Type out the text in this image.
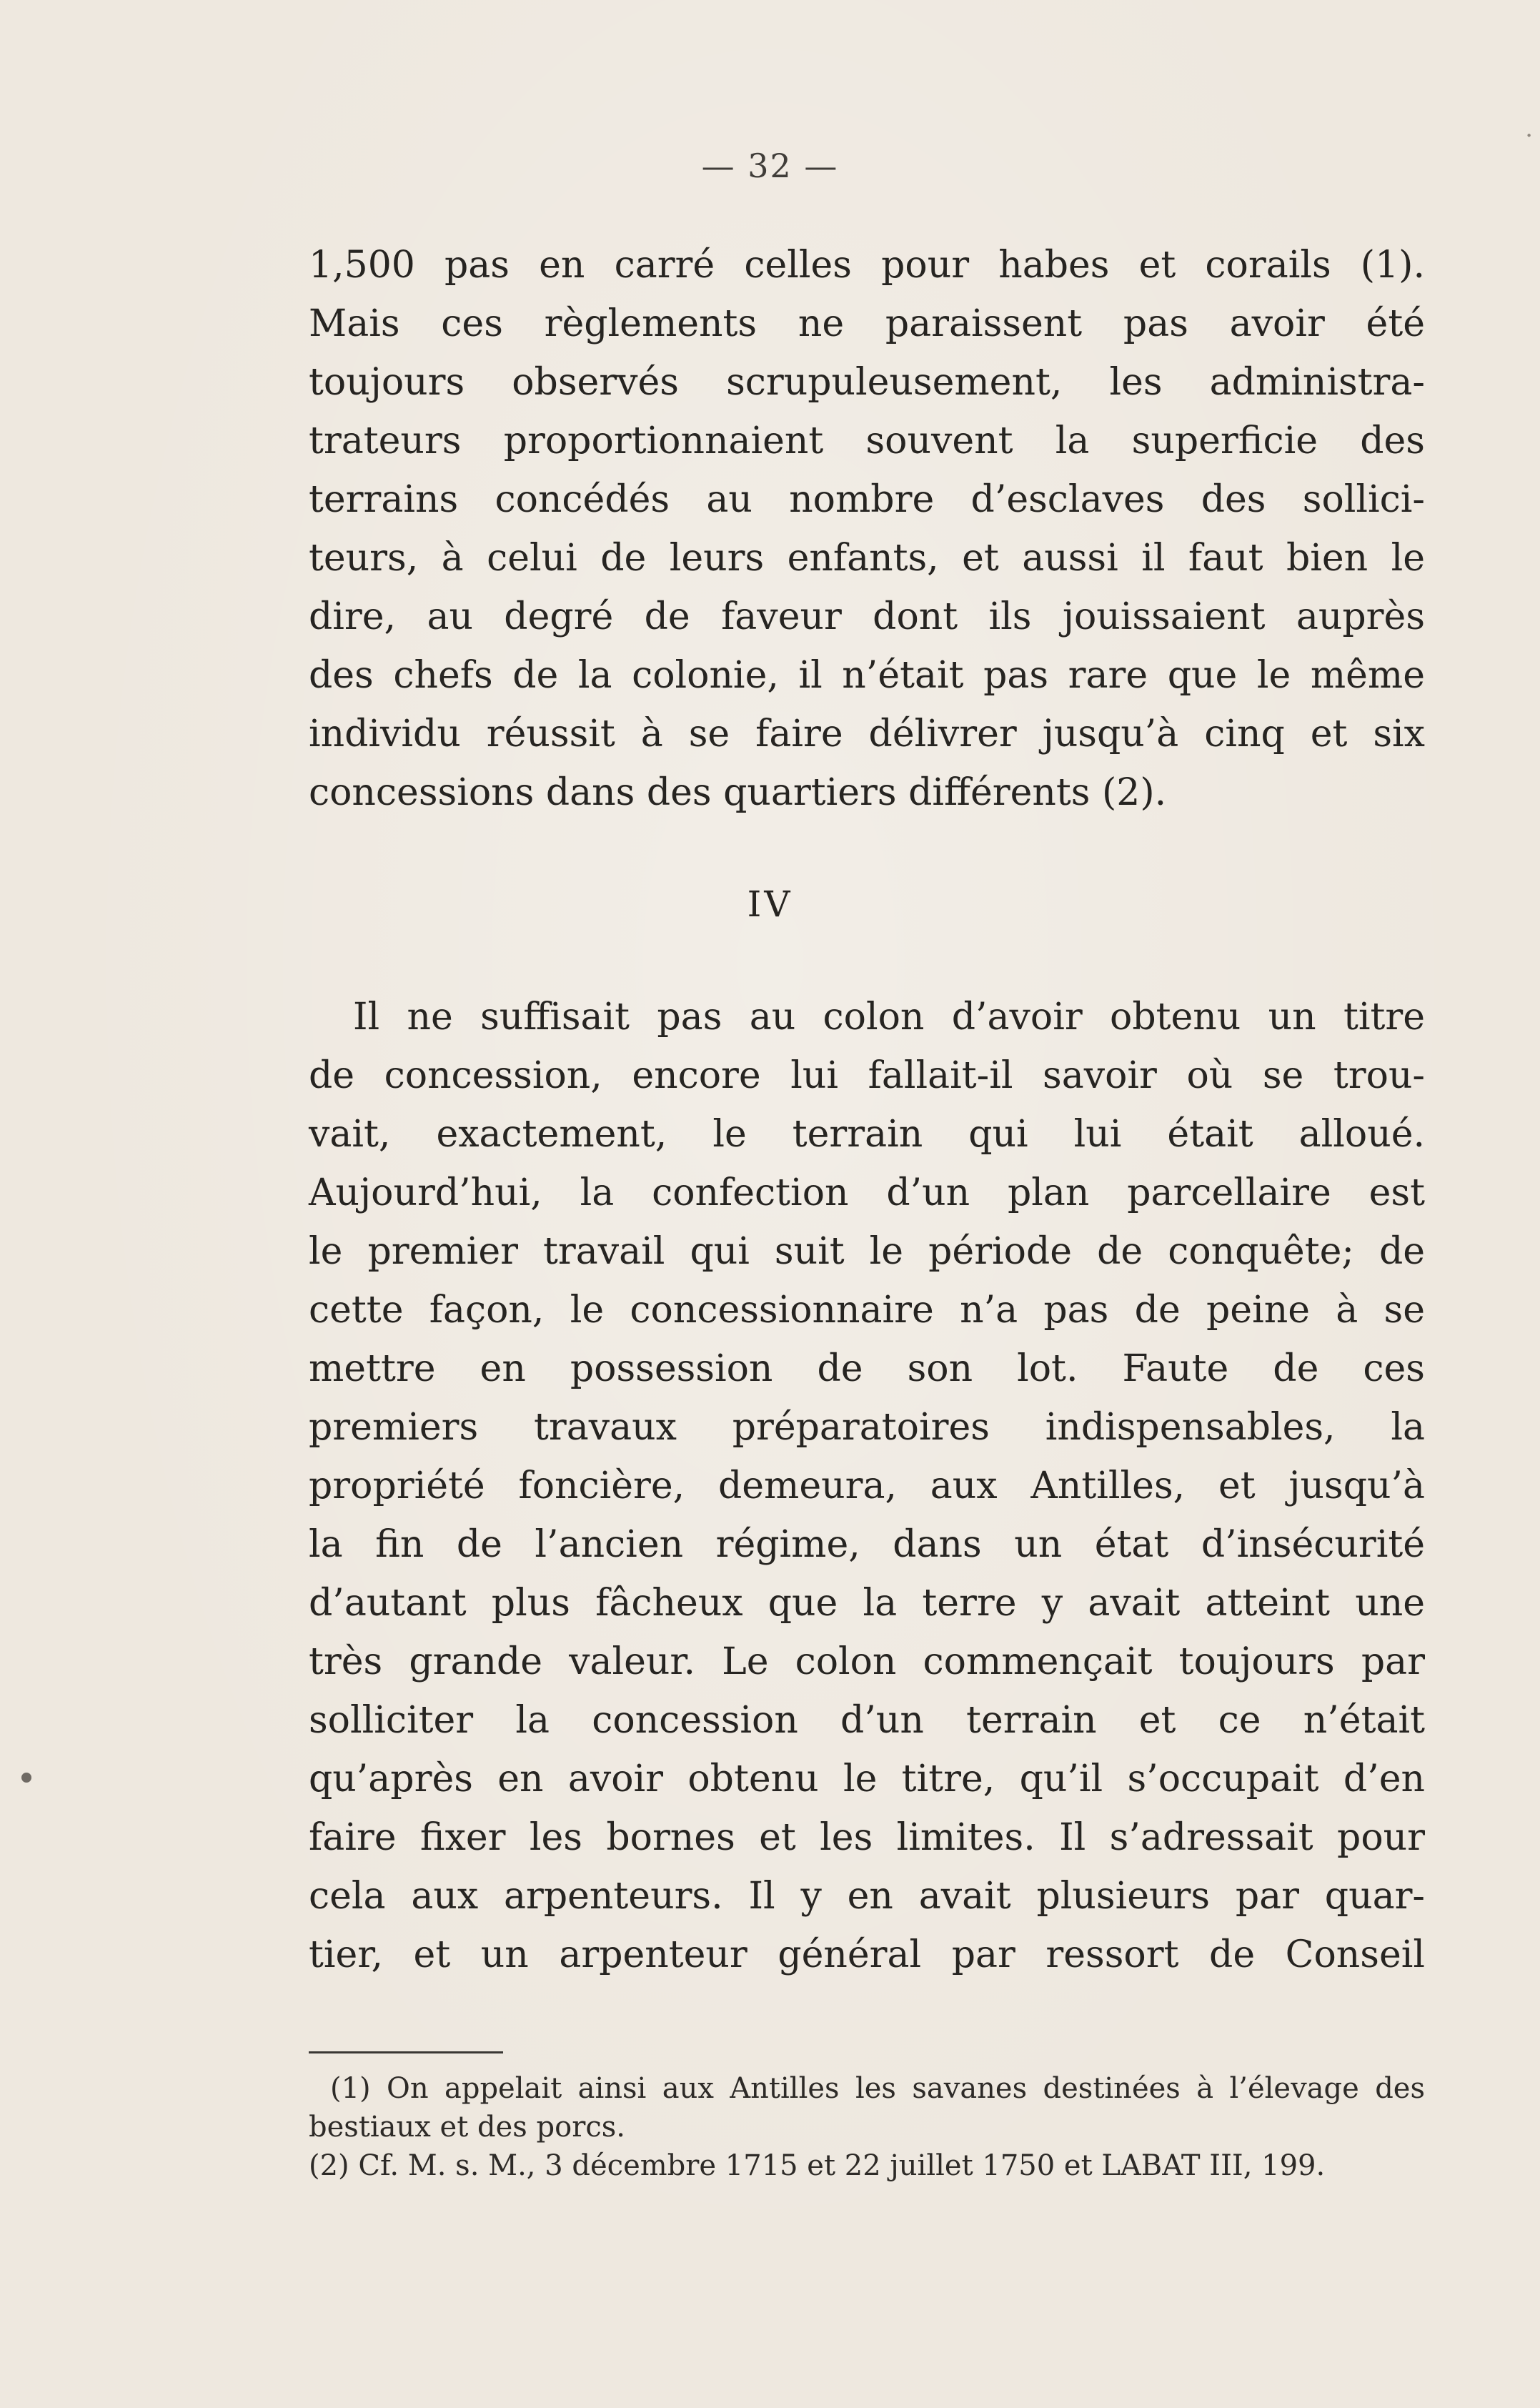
·
— 32 —
1,500 pas en carré celles pour habes et corails (1).
Mais ces règlements ne paraissent pas avoir été
toujours observés scrupuleusement, les administra-
trateurs proportionnaient souvent la superficie des
terrains concédés au nombre d’esclaves des sollici-
teurs, à celui de leurs enfants, et aussi il faut bien le
dire, au degré de faveur dont ils jouissaient auprès
des chefs de la colonie, il n’était pas rare que le même
individu réussit à se faire délivrer jusqu’à cinq et six
concessions dans des quartiers différents (2).
IV
Il ne suffisait pas au colon d’avoir obtenu un titre
de concession, encore lui fallait-il savoir où se trou-
vait, exactement, le terrain qui lui était alloué.
Aujourd’hui, la confection d’un plan parcellaire est
le premier travail qui suit le période de conquête; de
cette façon, le concessionnaire n’a pas de peine à se
mettre en possession de son lot. Faute de ces
premiers travaux préparatoires indispensables, la
propriété foncière, demeura, aux Antilles, et jusqu’à
la fin de l’ancien régime, dans un état d’insécurité
d’autant plus fâcheux que la terre y avait atteint une
très grande valeur. Le colon commençait toujours par
solliciter la concession d’un terrain et ce n’était
qu’après en avoir obtenu le titre, qu’il s’occupait d’en
faire fixer les bornes et les limites. Il s’adressait pour
cela aux arpenteurs. Il y en avait plusieurs par quar-
tier, et un arpenteur général par ressort de Conseil
(1) On appelait ainsi aux Antilles les savanes destinées à l’élevage des
bestiaux et des porcs.
(2) Cf. M. s. M., 3 décembre 1715 et 22 juillet 1750 et LABAT III, 199.
